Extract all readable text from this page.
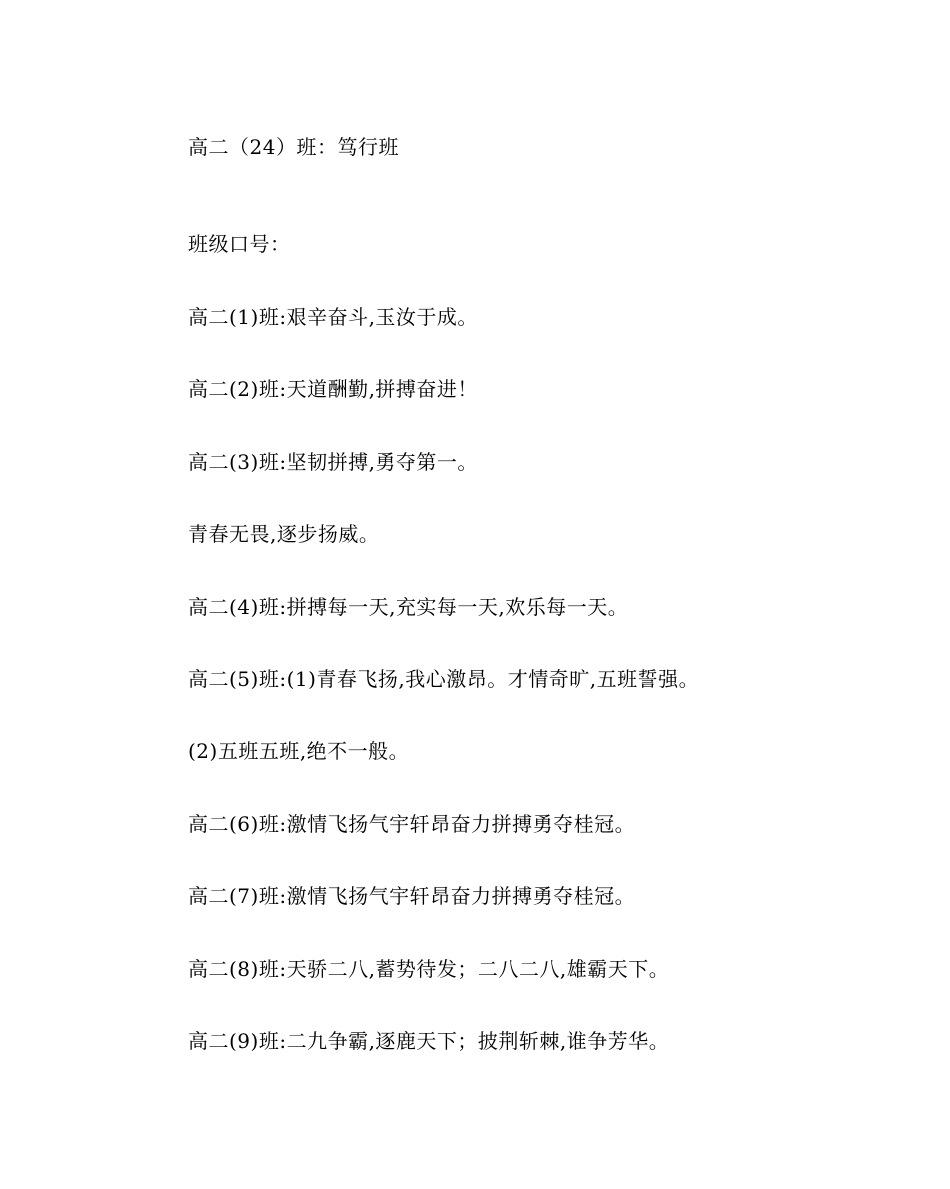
高二（24）班：笃行班
班级口号：
高二(1)班:艰辛奋斗,玉汝于成。
高二(2)班:天道酬勤,拼搏奋进！
高二(3)班:坚韧拼搏,勇夺第一。
青春无畏,逐步扬威。
高二(4)班:拼搏每一天,充实每一天,欢乐每一天。
高二(5)班:(1)青春飞扬,我心激昂。才情奇旷,五班誓强。
(2)五班五班,绝不一般。
高二(6)班:激情飞扬气宇轩昂奋力拼搏勇夺桂冠。
高二(7)班:激情飞扬气宇轩昂奋力拼搏勇夺桂冠。
高二(8)班:天骄二八,蓄势待发；二八二八,雄霸天下。
高二(9)班:二九争霸,逐鹿天下；披荆斩棘,谁争芳华。
